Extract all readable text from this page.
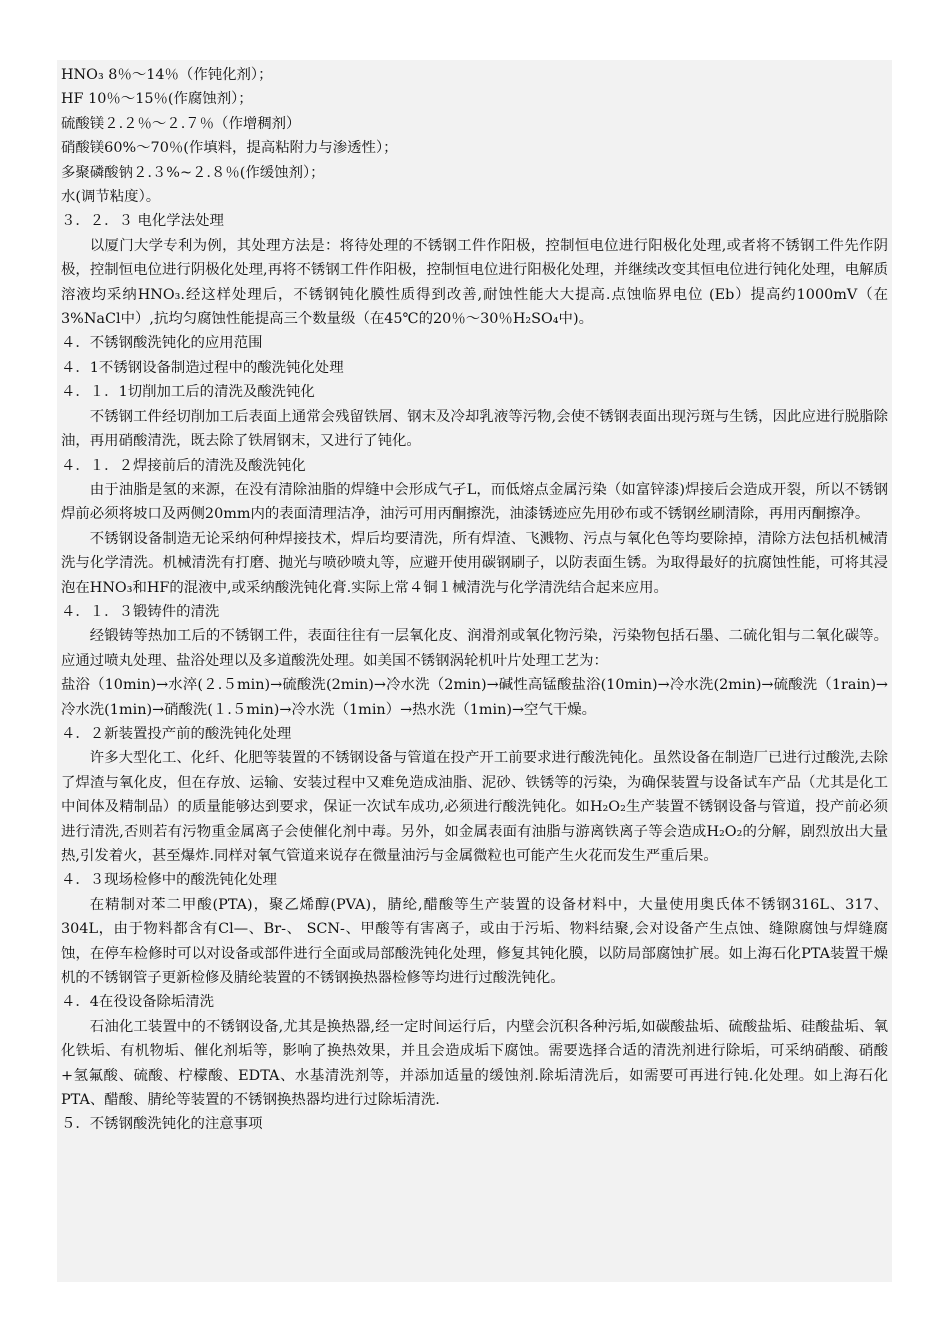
HNO₃ 8％～14％（作钝化剂）；

HF 10％～15％(作腐蚀剂）；

硫酸镁２.２％～２.７％（作增稠剂）

硝酸镁60%～70％(作填料，提高粘附力与渗透性）；

多聚磷酸钠２.３%~２.８％(作缓蚀剂）；

水(调节粘度）。

３．２．３ 电化学法处理

以厦门大学专利为例，其处理方法是：将待处理的不锈钢工件作阳极，控制恒电位进行阳极化处理,或者将不锈钢工件先作阴极，控制恒电位进行阴极化处理,再将不锈钢工件作阳极，控制恒电位进行阳极化处理，并继续改变其恒电位进行钝化处理，电解质溶液均采纳HNO₃.经这样处理后，不锈钢钝化膜性质得到改善,耐蚀性能大大提高.点蚀临界电位 (Eb）提高约1000mV（在3%NaCl中）,抗均匀腐蚀性能提高三个数量级（在45℃的20％～30％H₂SO₄中)。

４．不锈钢酸洗钝化的应用范围

４．1不锈钢设备制造过程中的酸洗钝化处理

４．１．1切削加工后的清洗及酸洗钝化

不锈钢工件经切削加工后表面上通常会残留铁屑、钢末及冷却乳液等污物,会使不锈钢表面出现污斑与生锈，因此应进行脱脂除油，再用硝酸清洗，既去除了铁屑钢末，又进行了钝化。

４．１．２焊接前后的清洗及酸洗钝化

由于油脂是氢的来源，在没有清除油脂的焊缝中会形成气孑L，而低熔点金属污染（如富锌漆)焊接后会造成开裂，所以不锈钢焊前必须将坡口及两侧20mm内的表面清理洁净，油污可用丙酮擦洗，油漆锈迹应先用砂布或不锈钢丝刷清除，再用丙酮擦净。

不锈钢设备制造无论采纳何种焊接技术，焊后均要清洗，所有焊渣、飞溅物、污点与氧化色等均要除掉，清除方法包括机械清洗与化学清洗。机械清洗有打磨、抛光与喷砂喷丸等，应避开使用碳钢刷子，以防表面生锈。为取得最好的抗腐蚀性能，可将其浸泡在HNO₃和HF的混液中,或采纳酸洗钝化膏.实际上常４铜１械清洗与化学清洗结合起来应用。

４．１．３锻铸件的清洗

经锻铸等热加工后的不锈钢工件，表面往往有一层氧化皮、润滑剂或氧化物污染，污染物包括石墨、二硫化钼与二氧化碳等。应通过喷丸处理、盐浴处理以及多道酸洗处理。如美国不锈钢涡轮机叶片处理工艺为：

盐浴（10min)→水淬(２.５min)→硫酸洗(2min)→冷水洗（2min)→碱性高锰酸盐浴(10min)→冷水洗(2min)→硫酸洗（1rain)→冷水洗(1min)→硝酸洗(１.５min)→冷水洗（1min）→热水洗（1min)→空气干燥。

４．２新装置投产前的酸洗钝化处理

许多大型化工、化纤、化肥等装置的不锈钢设备与管道在投产开工前要求进行酸洗钝化。虽然设备在制造厂已进行过酸洗,去除了焊渣与氧化皮，但在存放、运输、安装过程中又难免造成油脂、泥砂、铁锈等的污染，为确保装置与设备试车产品（尤其是化工中间体及精制品）的质量能够达到要求，保证一次试车成功,必须进行酸洗钝化。如H₂O₂生产装置不锈钢设备与管道，投产前必须进行清洗,否则若有污物重金属离子会使催化剂中毒。另外，如金属表面有油脂与游离铁离子等会造成H₂O₂的分解，剧烈放出大量热,引发着火，甚至爆炸.同样对氧气管道来说存在微量油污与金属微粒也可能产生火花而发生严重后果。

４．３现场检修中的酸洗钝化处理

在精制对苯二甲酸(PTA)，聚乙烯醇(PVA)，腈纶,醋酸等生产装置的设备材料中，大量使用奥氏体不锈钢316L、317、304L，由于物料都含有Cl—、Br-、 SCN-、甲酸等有害离子，或由于污垢、物料结聚,会对设备产生点蚀、缝隙腐蚀与焊缝腐蚀，在停车检修时可以对设备或部件进行全面或局部酸洗钝化处理，修复其钝化膜，以防局部腐蚀扩展。如上海石化PTA装置干燥机的不锈钢管子更新检修及腈纶装置的不锈钢换热器检修等均进行过酸洗钝化。

４．4在役设备除垢清洗

石油化工装置中的不锈钢设备,尤其是换热器,经一定时间运行后，内壁会沉积各种污垢,如碳酸盐垢、硫酸盐垢、硅酸盐垢、氧化铁垢、有机物垢、催化剂垢等，影响了换热效果，并且会造成垢下腐蚀。需要选择合适的清洗剂进行除垢，可采纳硝酸、硝酸+氢氟酸、硫酸、柠檬酸、EDTA、水基清洗剂等，并添加适量的缓蚀剂.除垢清洗后，如需要可再进行钝.化处理。如上海石化PTA、醋酸、腈纶等装置的不锈钢换热器均进行过除垢清洗.

５．不锈钢酸洗钝化的注意事项
